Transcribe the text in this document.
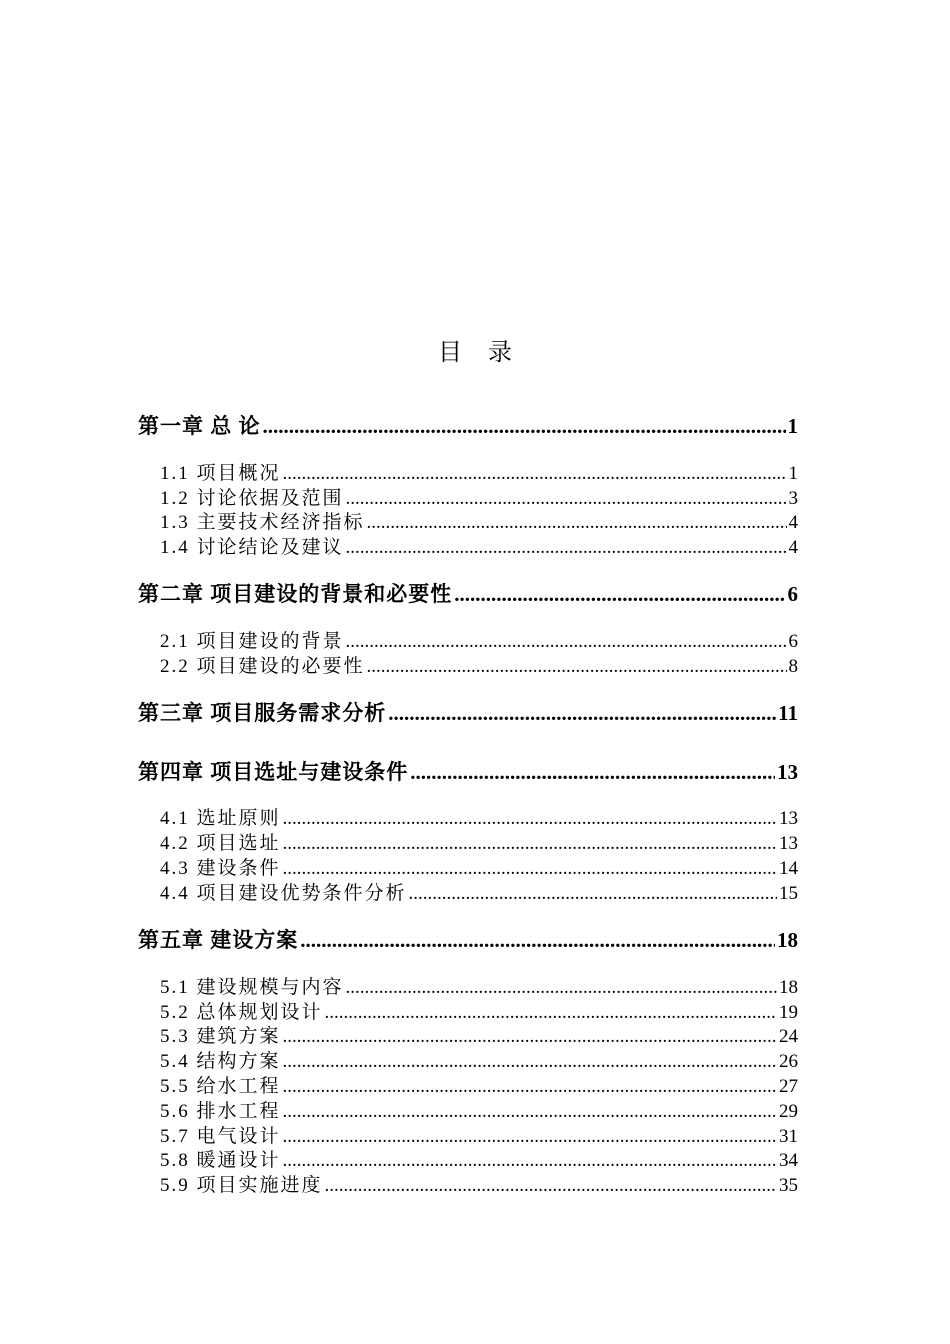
目录
第一章 总 论 .....	1
1.1 项目概况 .....	1
1.2 讨论依据及范围 .....	3
1.3 主要技术经济指标 .....	4
1.4 讨论结论及建议 .....	4
第二章 项目建设的背景和必要性 .....	6
2.1 项目建设的背景 .....	6
2.2 项目建设的必要性 .....	8
第三章 项目服务需求分析 .....	11
第四章 项目选址与建设条件 .....	13
4.1 选址原则 .....	13
4.2 项目选址 .....	13
4.3 建设条件 .....	14
4.4 项目建设优势条件分析 .....	15
第五章 建设方案 .....	18
5.1 建设规模与内容 .....	18
5.2 总体规划设计 .....	19
5.3 建筑方案 .....	24
5.4 结构方案 .....	26
5.5 给水工程 .....	27
5.6 排水工程 .....	29
5.7 电气设计 .....	31
5.8 暖通设计 .....	34
5.9 项目实施进度 .....	35
